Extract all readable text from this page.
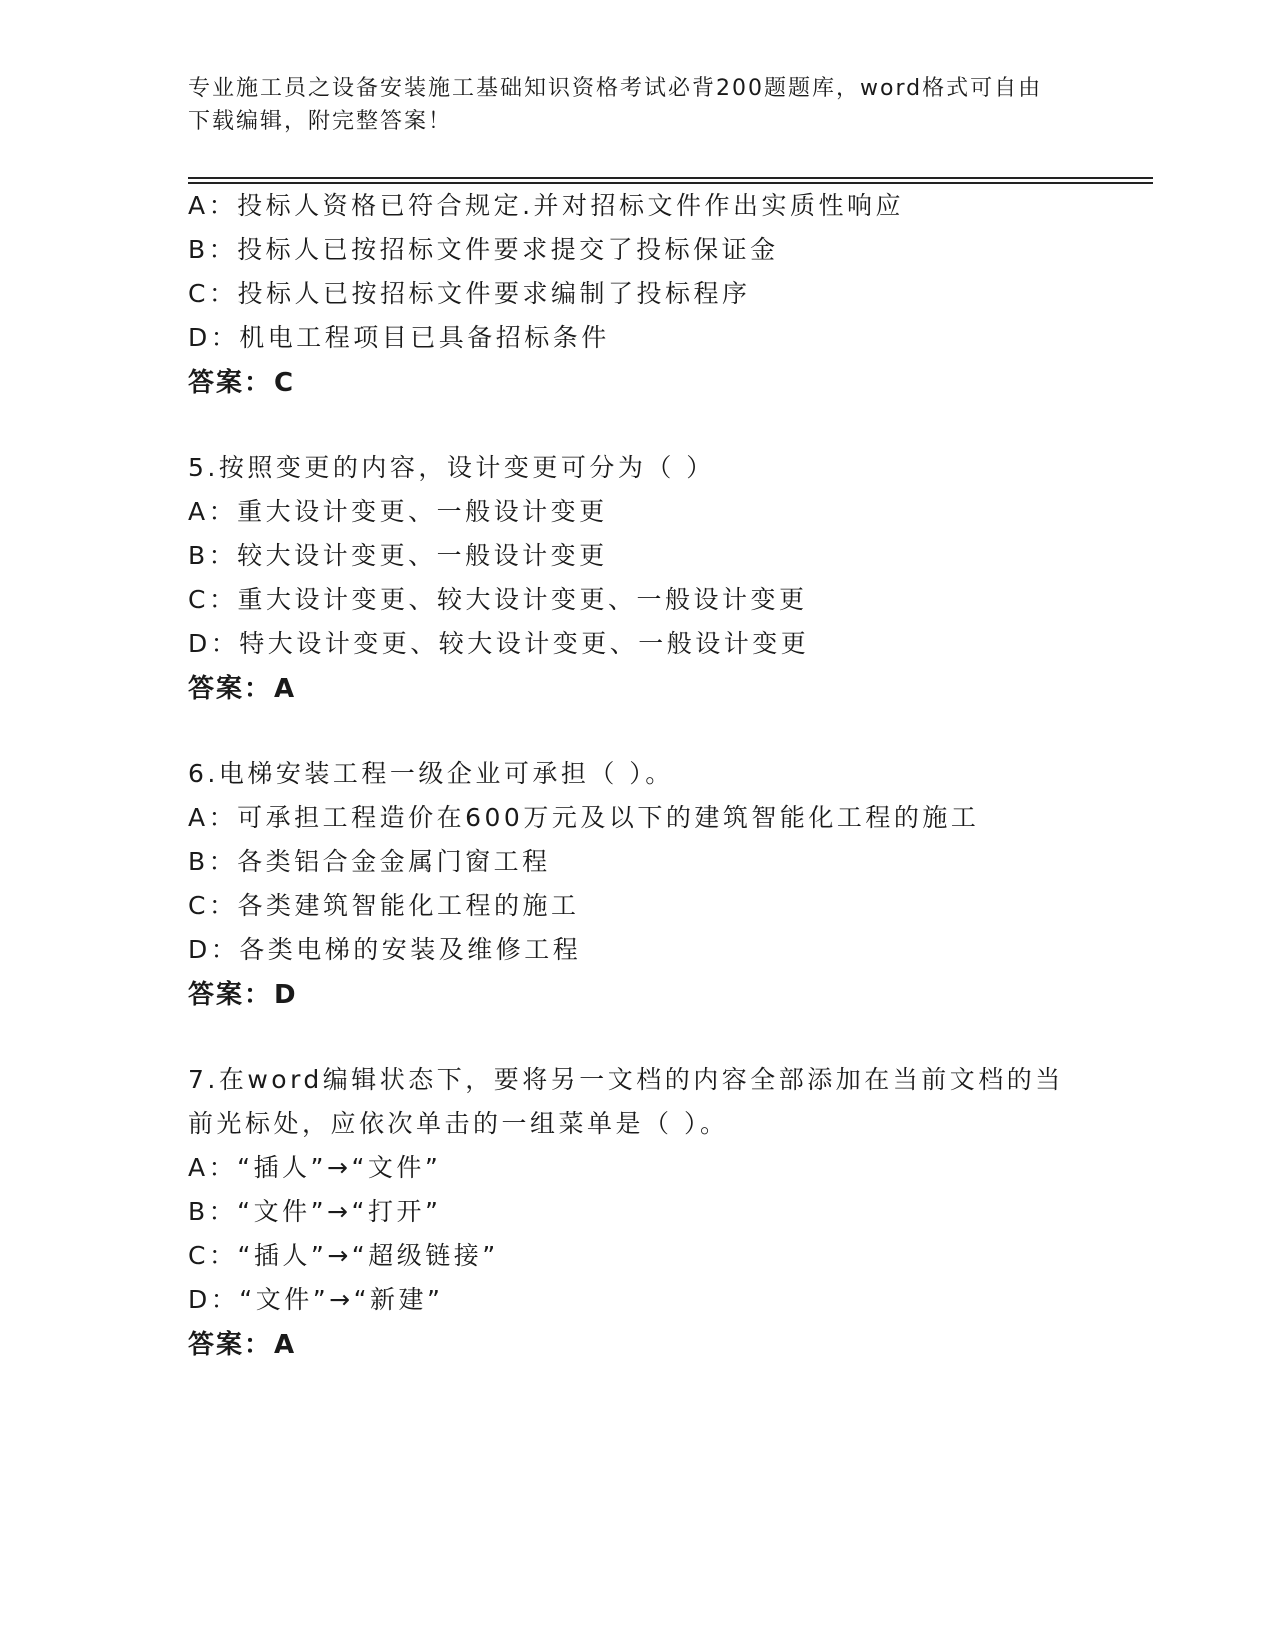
专业施工员之设备安装施工基础知识资格考试必背200题题库，word格式可自由
下载编辑，附完整答案！
A：投标人资格已符合规定.并对招标文件作出实质性响应
B：投标人已按招标文件要求提交了投标保证金
C：投标人已按招标文件要求编制了投标程序
D：机电工程项目已具备招标条件
答案：C
5.按照变更的内容，设计变更可分为（ ）
A：重大设计变更、一般设计变更
B：较大设计变更、一般设计变更
C：重大设计变更、较大设计变更、一般设计变更
D：特大设计变更、较大设计变更、一般设计变更
答案：A
6.电梯安装工程一级企业可承担（ ）。
A：可承担工程造价在600万元及以下的建筑智能化工程的施工
B：各类铝合金金属门窗工程
C：各类建筑智能化工程的施工
D：各类电梯的安装及维修工程
答案：D
7.在word编辑状态下，要将另一文档的内容全部添加在当前文档的当
前光标处，应依次单击的一组菜单是（ ）。
A：“插人”→“文件”
B：“文件”→“打开”
C：“插人”→“超级链接”
D：“文件”→“新建”
答案：A
